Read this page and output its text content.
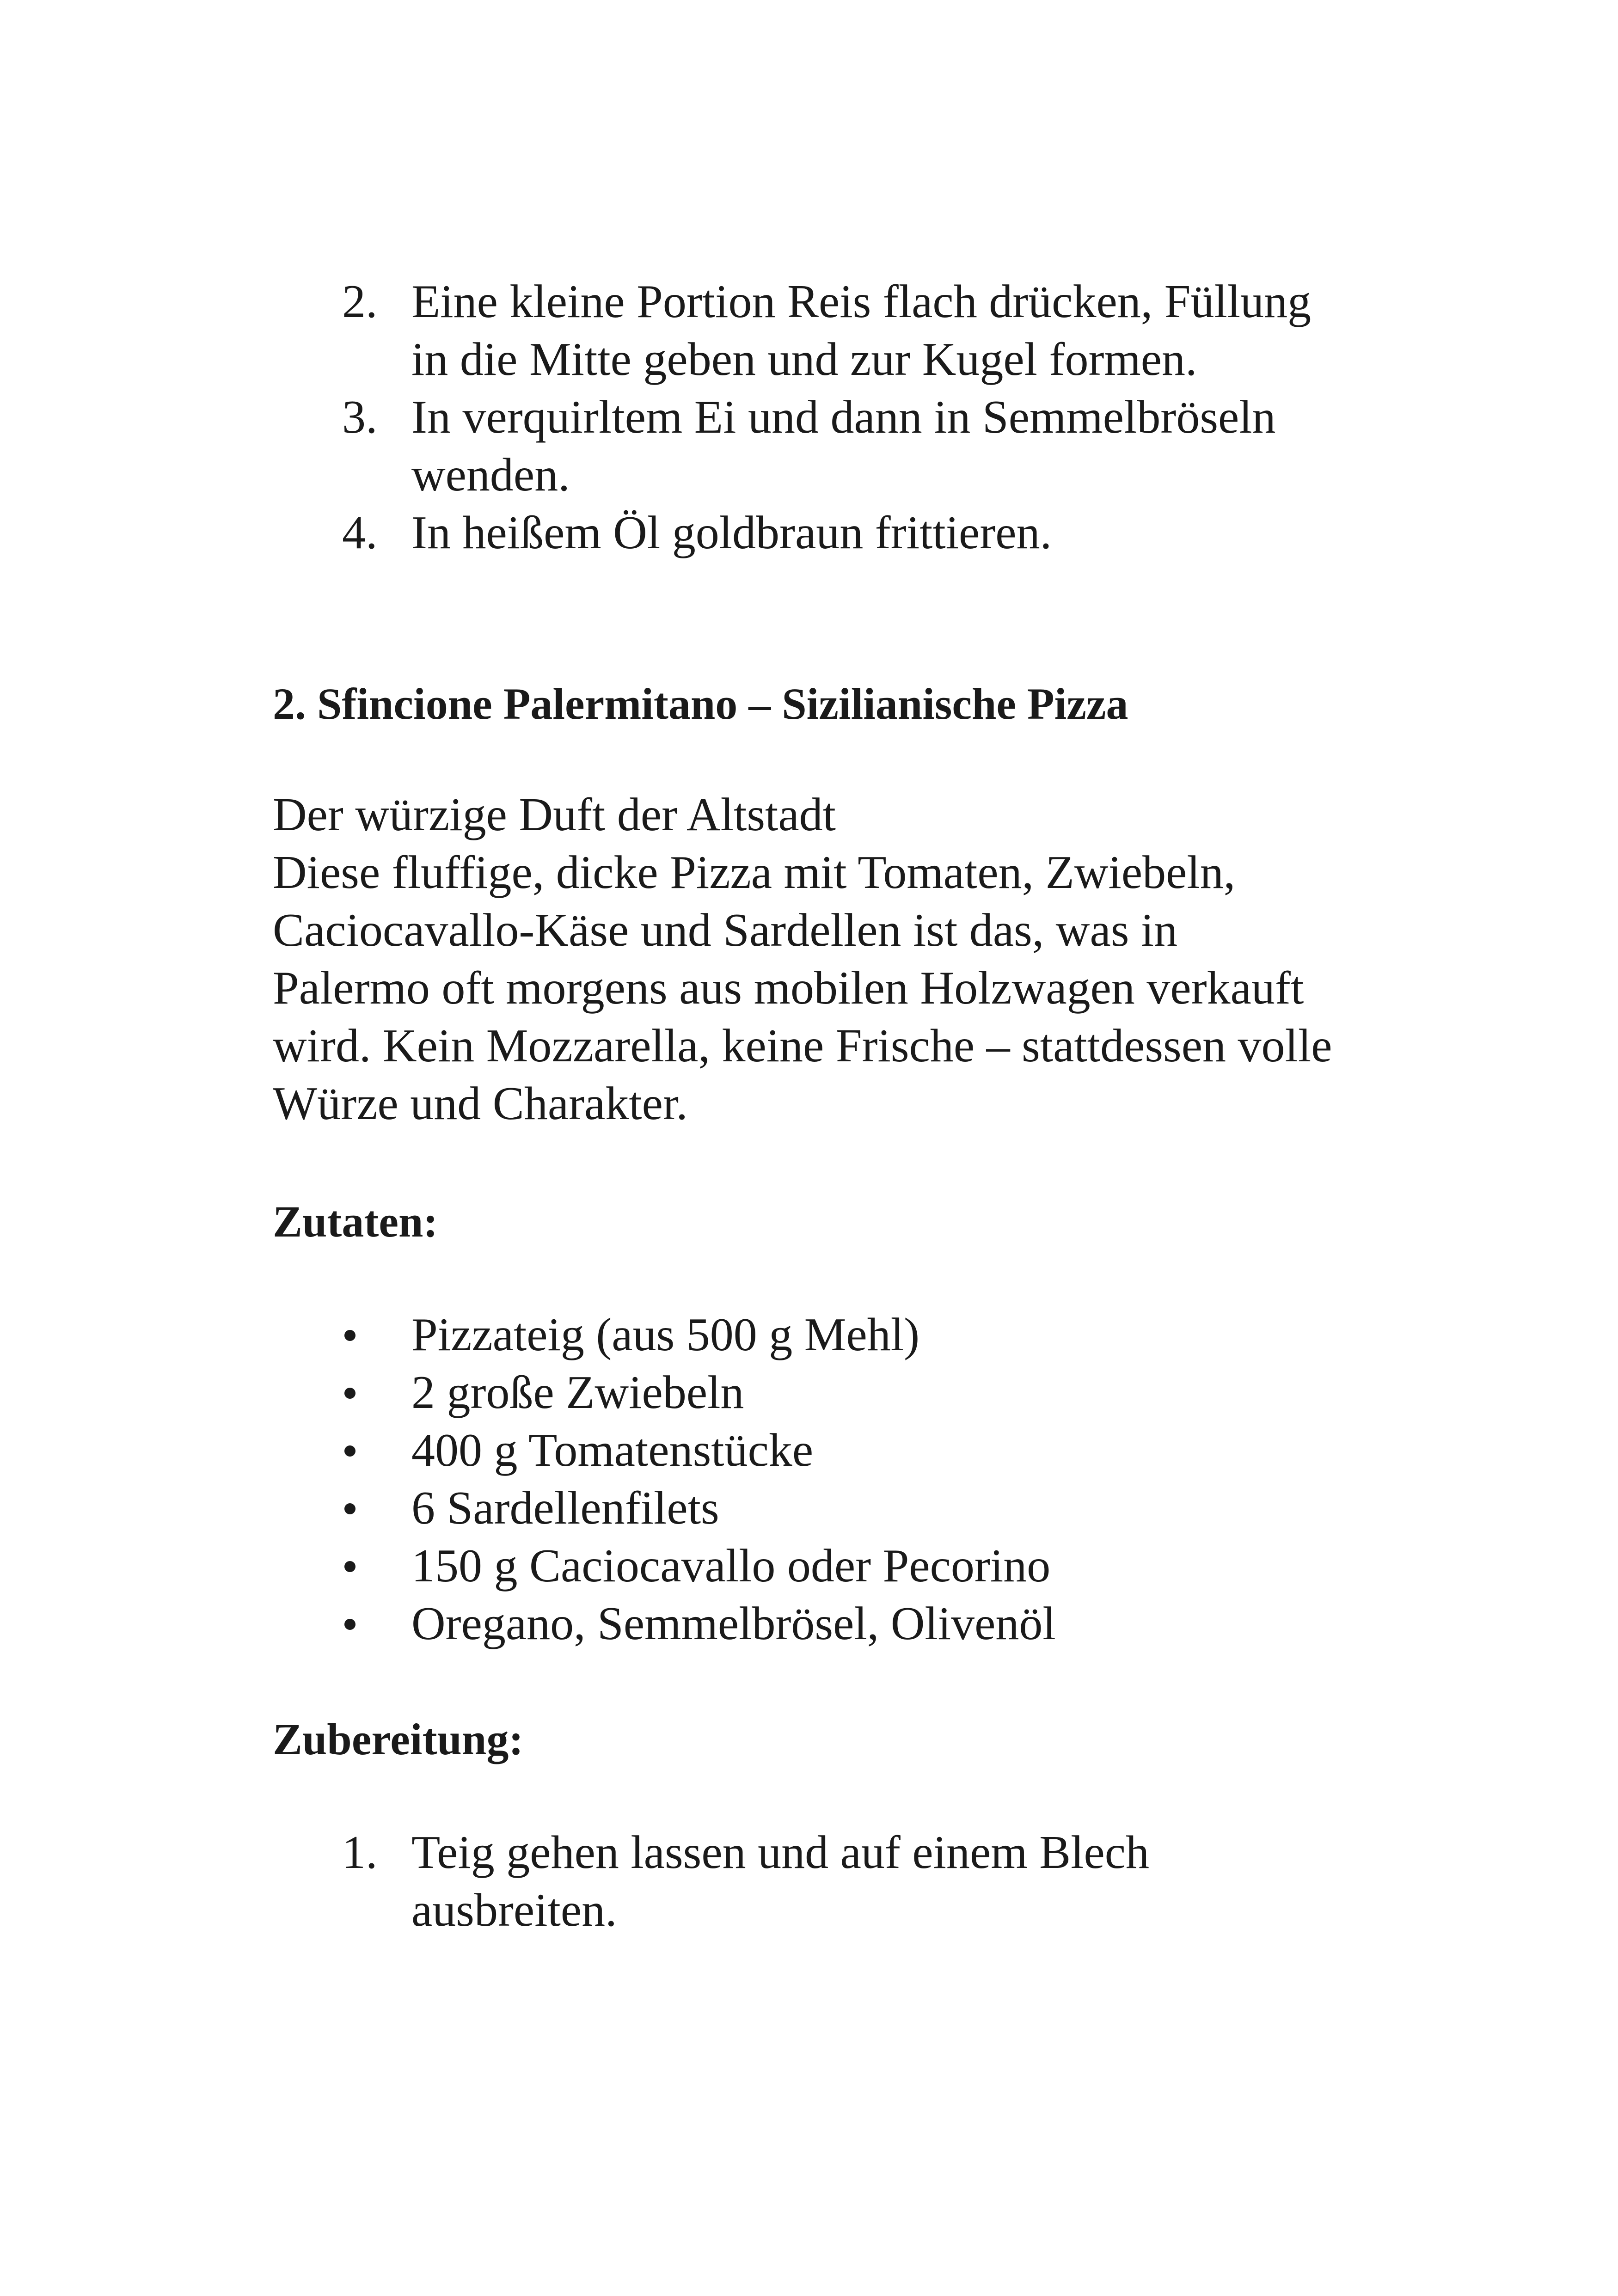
2. Eine kleine Portion Reis flach drücken, Füllung in die Mitte geben und zur Kugel formen.
3. In verquirltem Ei und dann in Semmelbröseln wenden.
4. In heißem Öl goldbraun frittieren.
2. Sfincione Palermitano – Sizilianische Pizza
Der würzige Duft der Altstadt
Diese fluffige, dicke Pizza mit Tomaten, Zwiebeln, Caciocavallo-Käse und Sardellen ist das, was in Palermo oft morgens aus mobilen Holzwagen verkauft wird. Kein Mozzarella, keine Frische – stattdessen volle Würze und Charakter.
Zutaten:
Pizzateig (aus 500 g Mehl)
2 große Zwiebeln
400 g Tomatenstücke
6 Sardellenfilets
150 g Caciocavallo oder Pecorino
Oregano, Semmelbrösel, Olivenöl
Zubereitung:
1. Teig gehen lassen und auf einem Blech ausbreiten.
